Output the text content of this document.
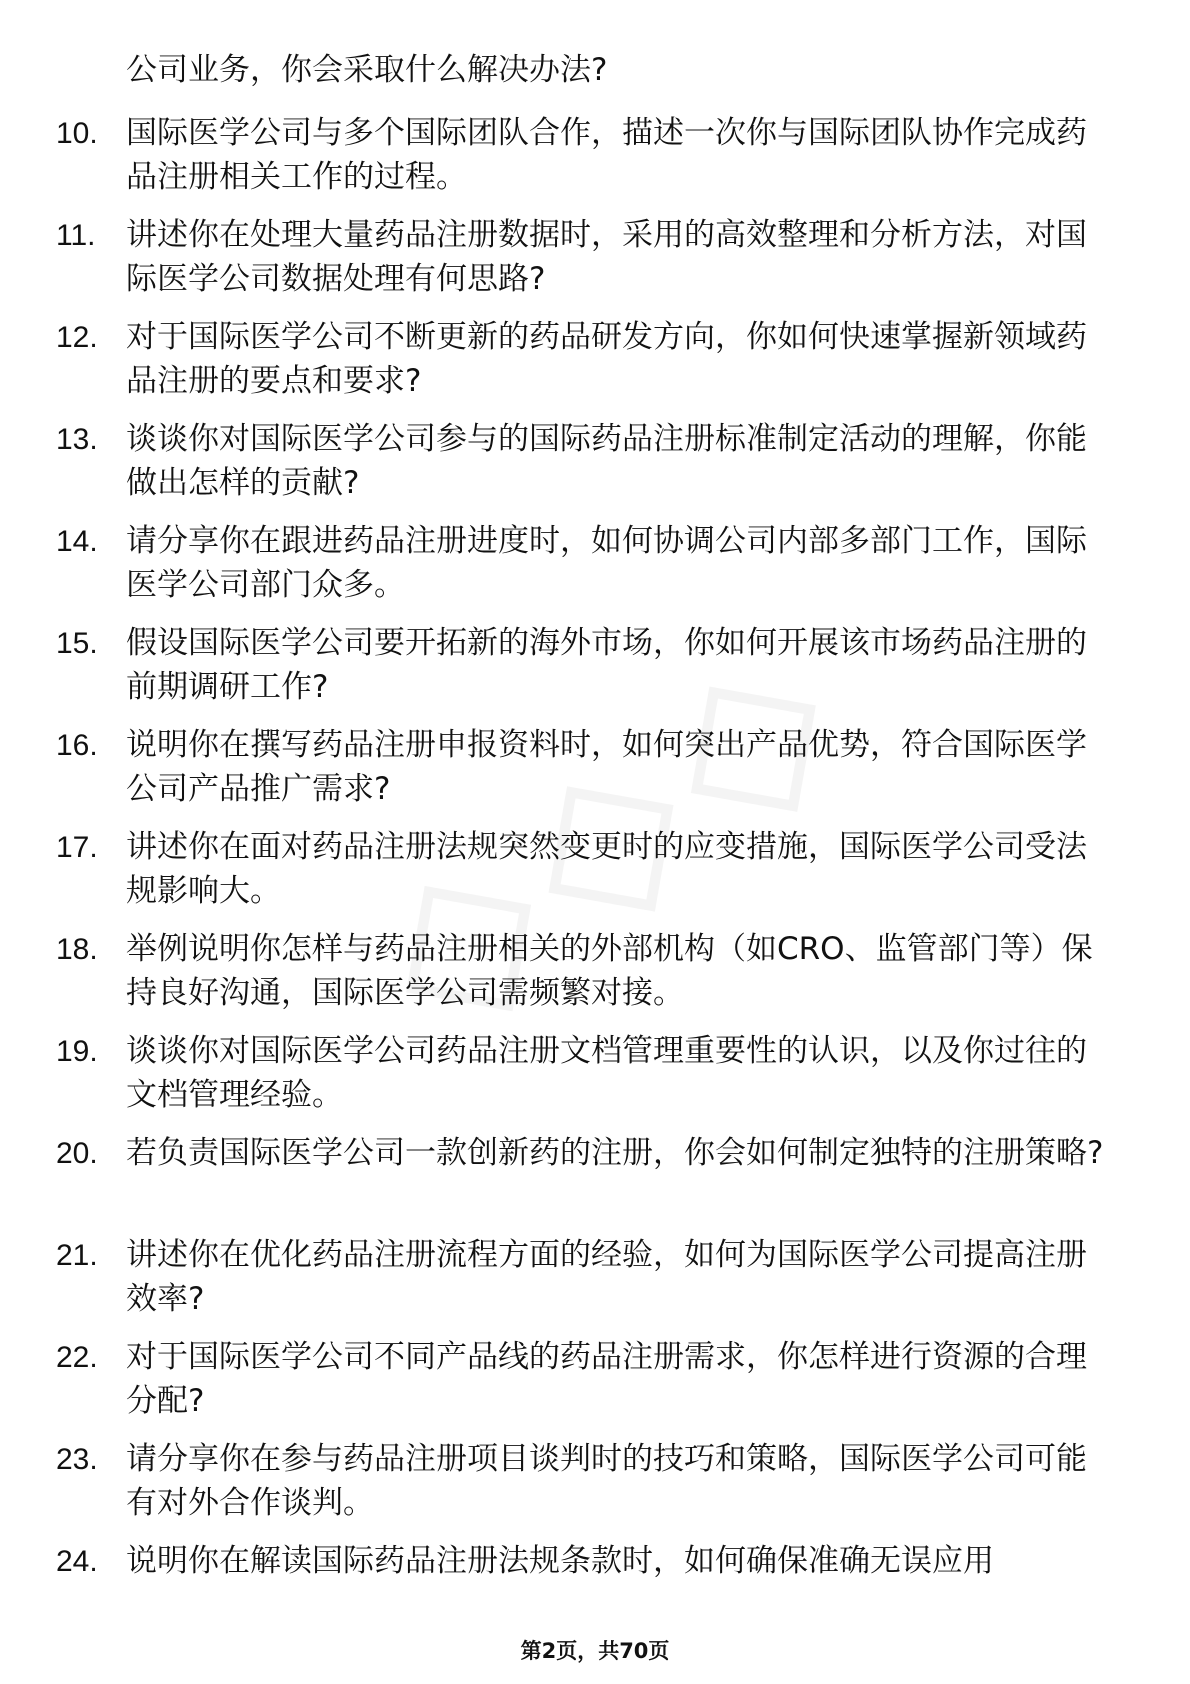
公司业务，你会采取什么解决办法?
10. 国际医学公司与多个国际团队合作，描述一次你与国际团队协作完成药品注册相关工作的过程。
11. 讲述你在处理大量药品注册数据时，采用的高效整理和分析方法，对国际医学公司数据处理有何思路?
12. 对于国际医学公司不断更新的药品研发方向，你如何快速掌握新领域药品注册的要点和要求?
13. 谈谈你对国际医学公司参与的国际药品注册标准制定活动的理解，你能做出怎样的贡献?
14. 请分享你在跟进药品注册进度时，如何协调公司内部多部门工作，国际医学公司部门众多。
15. 假设国际医学公司要开拓新的海外市场，你如何开展该市场药品注册的前期调研工作?
16. 说明你在撰写药品注册申报资料时，如何突出产品优势，符合国际医学公司产品推广需求?
17. 讲述你在面对药品注册法规突然变更时的应变措施，国际医学公司受法规影响大。
18. 举例说明你怎样与药品注册相关的外部机构（如CRO、监管部门等）保持良好沟通，国际医学公司需频繁对接。
19. 谈谈你对国际医学公司药品注册文档管理重要性的认识，以及你过往的文档管理经验。
20. 若负责国际医学公司一款创新药的注册，你会如何制定独特的注册策略?
21. 讲述你在优化药品注册流程方面的经验，如何为国际医学公司提高注册效率?
22. 对于国际医学公司不同产品线的药品注册需求，你怎样进行资源的合理分配?
23. 请分享你在参与药品注册项目谈判时的技巧和策略，国际医学公司可能有对外合作谈判。
24. 说明你在解读国际药品注册法规条款时，如何确保准确无误应用
第2页，共70页
